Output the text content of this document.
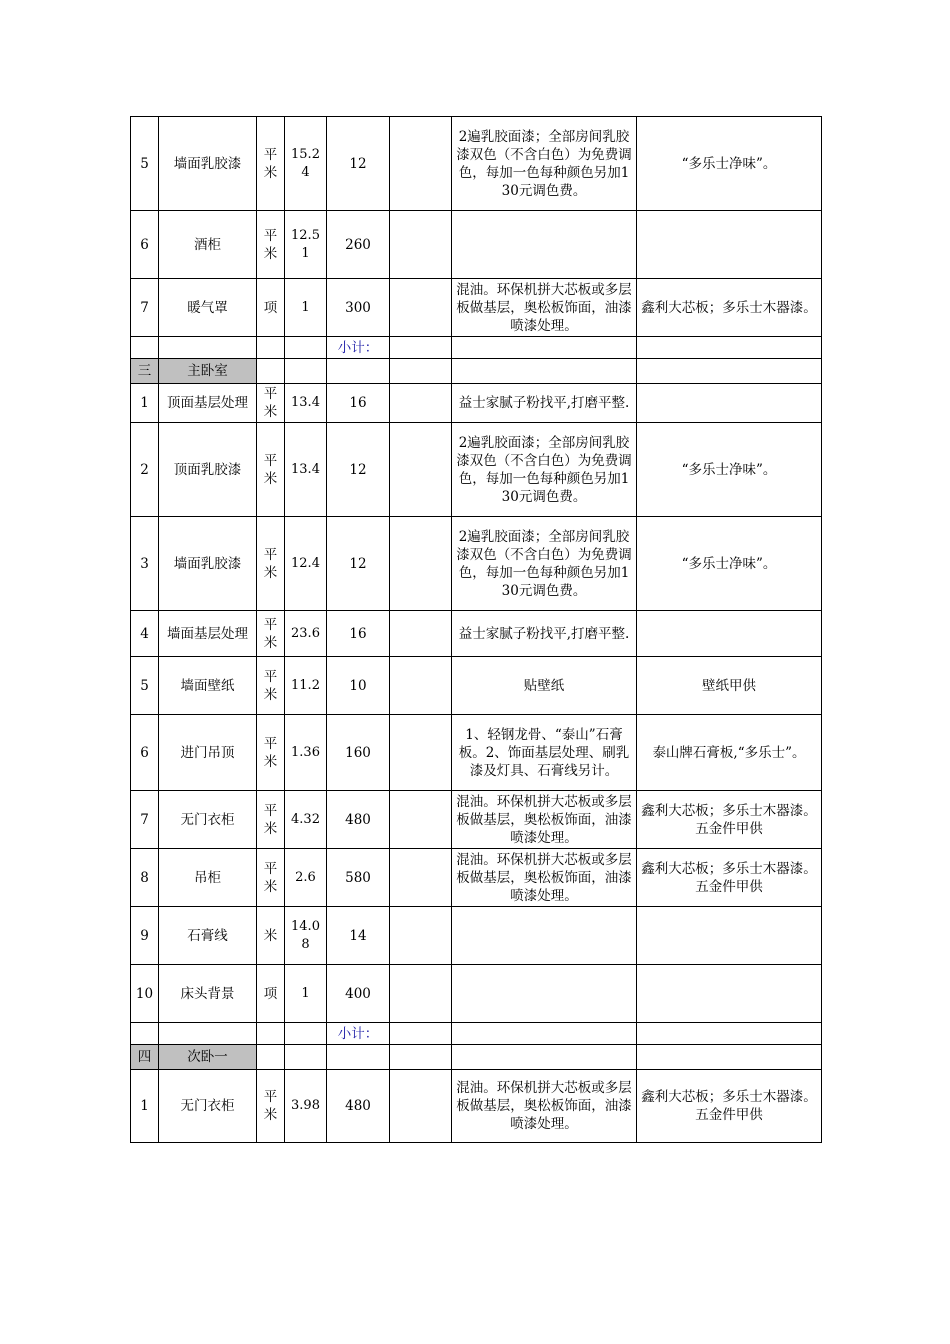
5	墙面乳胶漆	平米	15.24	12		2遍乳胶面漆；全部房间乳胶漆双色（不含白色）为免费调色，每加一色每种颜色另加130元调色费。	“多乐士净味”。
6	酒柜	平米	12.51	260			
7	暖气罩	项	1	300		混油。环保机拼大芯板或多层板做基层，奥松板饰面，油漆喷漆处理。	鑫利大芯板；多乐士木器漆。
				小计：			
三	主卧室						
1	顶面基层处理	平米	13.4	16		益士家腻子粉找平,打磨平整.	
2	顶面乳胶漆	平米	13.4	12		2遍乳胶面漆；全部房间乳胶漆双色（不含白色）为免费调色，每加一色每种颜色另加130元调色费。	“多乐士净味”。
3	墙面乳胶漆	平米	12.4	12		2遍乳胶面漆；全部房间乳胶漆双色（不含白色）为免费调色，每加一色每种颜色另加130元调色费。	“多乐士净味”。
4	墙面基层处理	平米	23.6	16		益士家腻子粉找平,打磨平整.	
5	墙面壁纸	平米	11.2	10		贴壁纸	壁纸甲供
6	进门吊顶	平米	1.36	160		1、轻钢龙骨、“泰山”石膏板。2、饰面基层处理、刷乳漆及灯具、石膏线另计。	泰山牌石膏板,“多乐士”。
7	无门衣柜	平米	4.32	480		混油。环保机拼大芯板或多层板做基层，奥松板饰面，油漆喷漆处理。	鑫利大芯板；多乐士木器漆。五金件甲供
8	吊柜	平米	2.6	580		混油。环保机拼大芯板或多层板做基层，奥松板饰面，油漆喷漆处理。	鑫利大芯板；多乐士木器漆。五金件甲供
9	石膏线	米	14.08	14			
10	床头背景	项	1	400			
				小计：			
四	次卧一						
1	无门衣柜	平米	3.98	480		混油。环保机拼大芯板或多层板做基层，奥松板饰面，油漆喷漆处理。	鑫利大芯板；多乐士木器漆。五金件甲供
